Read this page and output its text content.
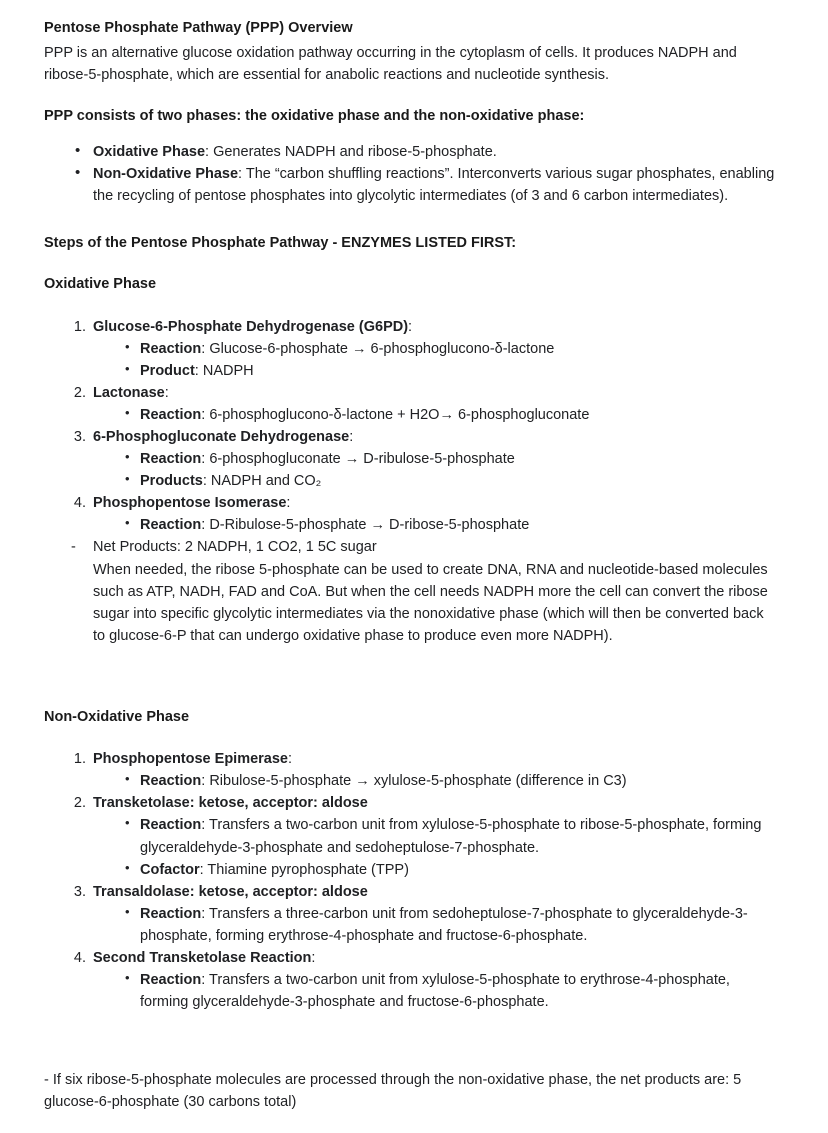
Pentose Phosphate Pathway (PPP) Overview

PPP is an alternative glucose oxidation pathway occurring in the cytoplasm of cells. It produces NADPH and ribose-5-phosphate, which are essential for anabolic reactions and nucleotide synthesis.

PPP consists of two phases: the oxidative phase and the non-oxidative phase:

• Oxidative Phase: Generates NADPH and ribose-5-phosphate.
• Non-Oxidative Phase: The “carbon shuffling reactions”. Interconverts various sugar phosphates, enabling the recycling of pentose phosphates into glycolytic intermediates (of 3 and 6 carbon intermediates).

Steps of the Pentose Phosphate Pathway - ENZYMES LISTED FIRST:

Oxidative Phase

Glucose-6-Phosphate Dehydrogenase (G6PD):
• Reaction: Glucose-6-phosphate → 6-phosphoglucono-δ-lactone
• Product: NADPH
Lactonase:
• Reaction: 6-phosphoglucono-δ-lactone + H2O→ 6-phosphogluconate
6-Phosphogluconate Dehydrogenase:
• Reaction: 6-phosphogluconate → D-ribulose-5-phosphate
• Products: NADPH and CO₂
Phosphopentose Isomerase:
• Reaction: D-Ribulose-5-phosphate → D-ribose-5-phosphate
- Net Products: 2 NADPH, 1 CO2, 1 5C sugar
When needed, the ribose 5-phosphate can be used to create DNA, RNA and nucleotide-based molecules such as ATP, NADH, FAD and CoA. But when the cell needs NADPH more the cell can convert the ribose sugar into specific glycolytic intermediates via the nonoxidative phase (which will then be converted back to glucose-6-P that can undergo oxidative phase to produce even more NADPH).

Non-Oxidative Phase

Phosphopentose Epimerase:
• Reaction: Ribulose-5-phosphate → xylulose-5-phosphate (difference in C3)
Transketolase: ketose, acceptor: aldose
• Reaction: Transfers a two-carbon unit from xylulose-5-phosphate to ribose-5-phosphate, forming glyceraldehyde-3-phosphate and sedoheptulose-7-phosphate.
• Cofactor: Thiamine pyrophosphate (TPP)
Transaldolase: ketose, acceptor: aldose
• Reaction: Transfers a three-carbon unit from sedoheptulose-7-phosphate to glyceraldehyde-3-phosphate, forming erythrose-4-phosphate and fructose-6-phosphate.
Second Transketolase Reaction:
• Reaction: Transfers a two-carbon unit from xylulose-5-phosphate to erythrose-4-phosphate, forming glyceraldehyde-3-phosphate and fructose-6-phosphate.

- If six ribose-5-phosphate molecules are processed through the non-oxidative phase, the net products are: 5 glucose-6-phosphate (30 carbons total)
